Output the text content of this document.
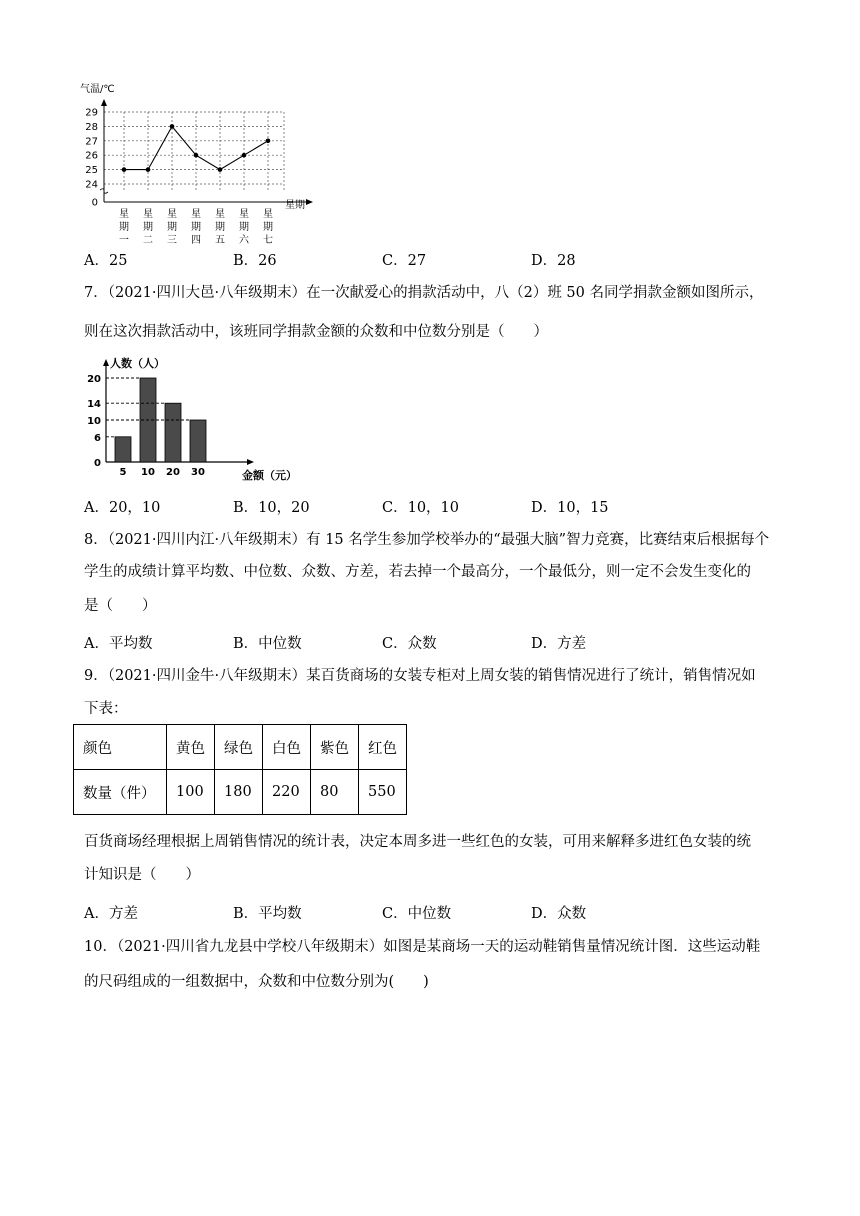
气温/℃
星期
0
24
25
26
27
28
29
星
期
一
星
期
二
星
期
三
星
期
四
星
期
五
星
期
六
星
期
七
A．25	B．26	C．27	D．28
7．（2021·四川大邑·八年级期末）在一次献爱心的捐款活动中，八（2）班 50 名同学捐款金额如图所示，
则在这次捐款活动中，该班同学捐款金额的众数和中位数分别是（　　）
人数（人）
金额（元）
0
6
10
14
20
5 10 20 30
A．20，10	B．10，20	C．10，10	D．10，15
8．（2021·四川内江·八年级期末）有 15 名学生参加学校举办的“最强大脑”智力竞赛，比赛结束后根据每个
学生的成绩计算平均数、中位数、众数、方差，若去掉一个最高分，一个最低分，则一定不会发生变化的
是（　　）
A．平均数	B．中位数	C．众数	D．方差
9．（2021·四川金牛·八年级期末）某百货商场的女装专柜对上周女装的销售情况进行了统计，销售情况如
下表：
颜色	黄色	绿色	白色	紫色	红色
数量（件）	100	180	220	80	550
百货商场经理根据上周销售情况的统计表，决定本周多进一些红色的女装，可用来解释多进红色女装的统
计知识是（　　）
A．方差	B．平均数	C．中位数	D．众数
10．（2021·四川省九龙县中学校八年级期末）如图是某商场一天的运动鞋销售量情况统计图．这些运动鞋
的尺码组成的一组数据中，众数和中位数分别为(　　)
